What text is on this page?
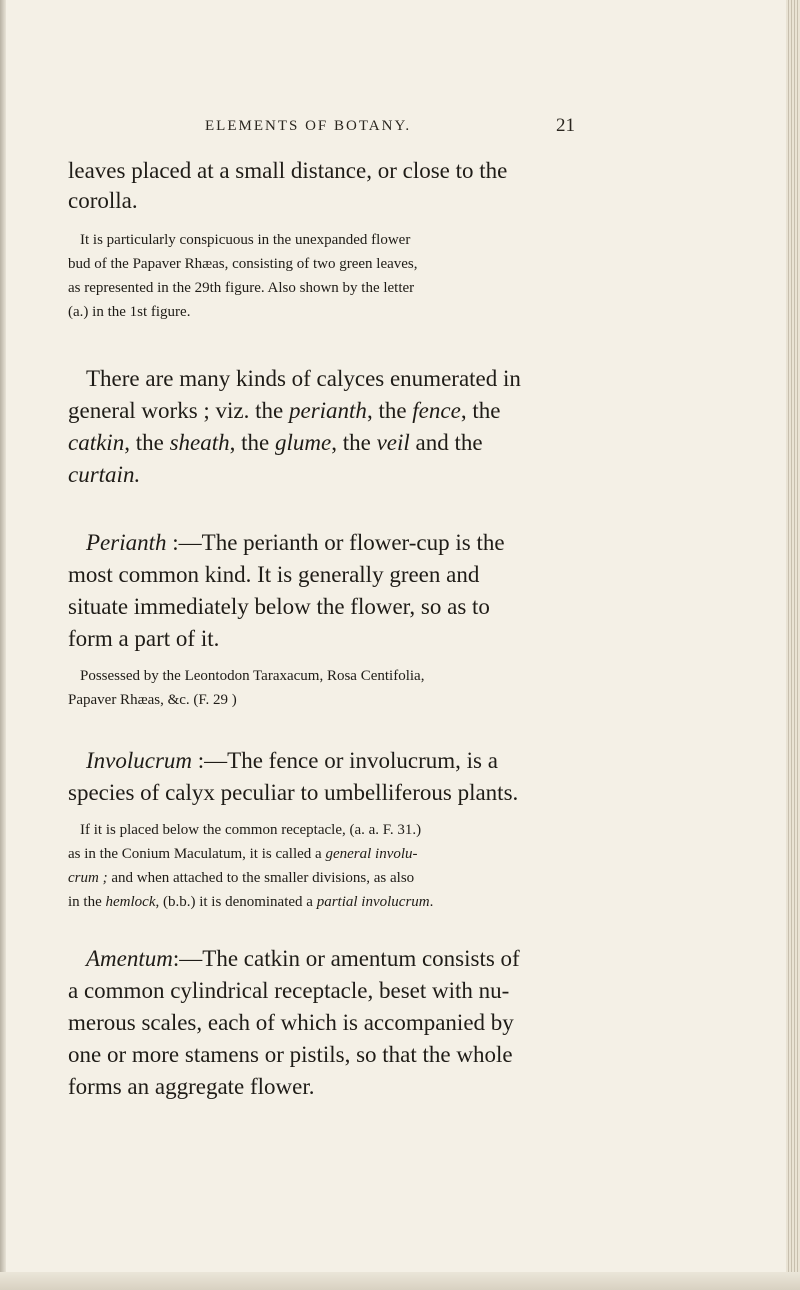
ELEMENTS OF BOTANY.	21
leaves placed at a small distance, or close to the
corolla.
It is particularly conspicuous in the unexpanded flower
bud of the Papaver Rhæas, consisting of two green leaves,
as represented in the 29th figure. Also shown by the letter
(a.) in the 1st figure.
There are many kinds of calyces enumerated in
general works ; viz. the perianth, the fence, the
catkin, the sheath, the glume, the veil and the
curtain.
Perianth :—The perianth or flower-cup is the
most common kind. It is generally green and
situate immediately below the flower, so as to
form a part of it.
Possessed by the Leontodon Taraxacum, Rosa Centifolia,
Papaver Rhæas, &c. (F. 29 )
Involucrum :—The fence or involucrum, is a
species of calyx peculiar to umbelliferous plants.
If it is placed below the common receptacle, (a. a. F. 31.)
as in the Conium Maculatum, it is called a general involu-
crum ; and when attached to the smaller divisions, as also
in the hemlock, (b.b.) it is denominated a partial involucrum.
Amentum:—The catkin or amentum consists of
a common cylindrical receptacle, beset with nu-
merous scales, each of which is accompanied by
one or more stamens or pistils, so that the whole
forms an aggregate flower.
